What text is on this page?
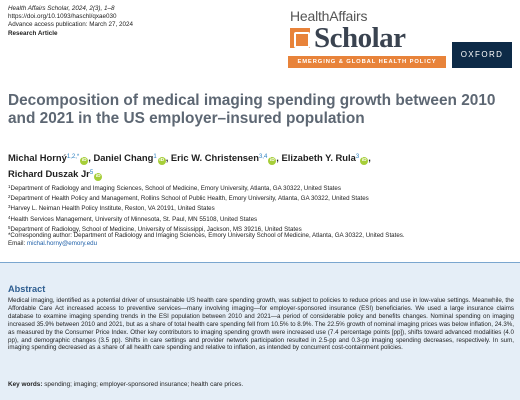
Health Affairs Scholar, 2024, 2(3), 1–8
https://doi.org/10.1093/haschl/qxae030
Advance access publication: March 27, 2024
Research Article
HealthAffairs
Scholar
EMERGING & GLOBAL HEALTH POLICY
OXFORD
Decomposition of medical imaging spending growth between 2010 and 2021 in the US employer–insured population
Michal Horný$^{1,2,*}$iD , Daniel Chang$^1$iD , Eric W. Christensen$^{3,4}$iD , Elizabeth Y. Rula$^3$iD ,
Richard Duszak Jr$^5$iD
$^1$Department of Radiology and Imaging Sciences, School of Medicine, Emory University, Atlanta, GA 30322, United States
$^2$Department of Health Policy and Management, Rollins School of Public Health, Emory University, Atlanta, GA 30322, United States
$^3$Harvey L. Neiman Health Policy Institute, Reston, VA 20191, United States
$^4$Health Services Management, University of Minnesota, St. Paul, MN 55108, United States
$^5$Department of Radiology, School of Medicine, University of Mississippi, Jackson, MS 39216, United States
*Corresponding author: Department of Radiology and Imaging Sciences, Emory University School of Medicine, Atlanta, GA 30322, United States.
Email: michal.horny@emory.edu
Abstract
Medical imaging, identified as a potential driver of unsustainable US health care spending growth, was subject to policies to reduce prices and use in low-value settings. Meanwhile, the Affordable Care Act increased access to preventive services—many involving imaging—for employer-sponsored insurance (ESI) beneficiaries. We used a large insurance claims database to examine imaging spending trends in the ESI population between 2010 and 2021—a period of considerable policy and benefits changes. Nominal spending on imaging increased 35.9% between 2010 and 2021, but as a share of total health care spending fell from 10.5% to 8.9%. The 22.5% growth of nominal imaging prices was below inflation, 24.3%, as measured by the Consumer Price Index. Other key contributors to imaging spending growth were increased use (7.4 percentage points [pp]), shifts toward advanced modalities (4.0 pp), and demographic changes (3.5 pp). Shifts in care settings and provider network participation resulted in 2.5-pp and 0.3-pp imaging spending decreases, respectively. In sum, imaging spending decreased as a share of all health care spending and relative to inflation, as intended by concurrent cost-containment policies.
Key words: spending; imaging; employer-sponsored insurance; health care prices.
